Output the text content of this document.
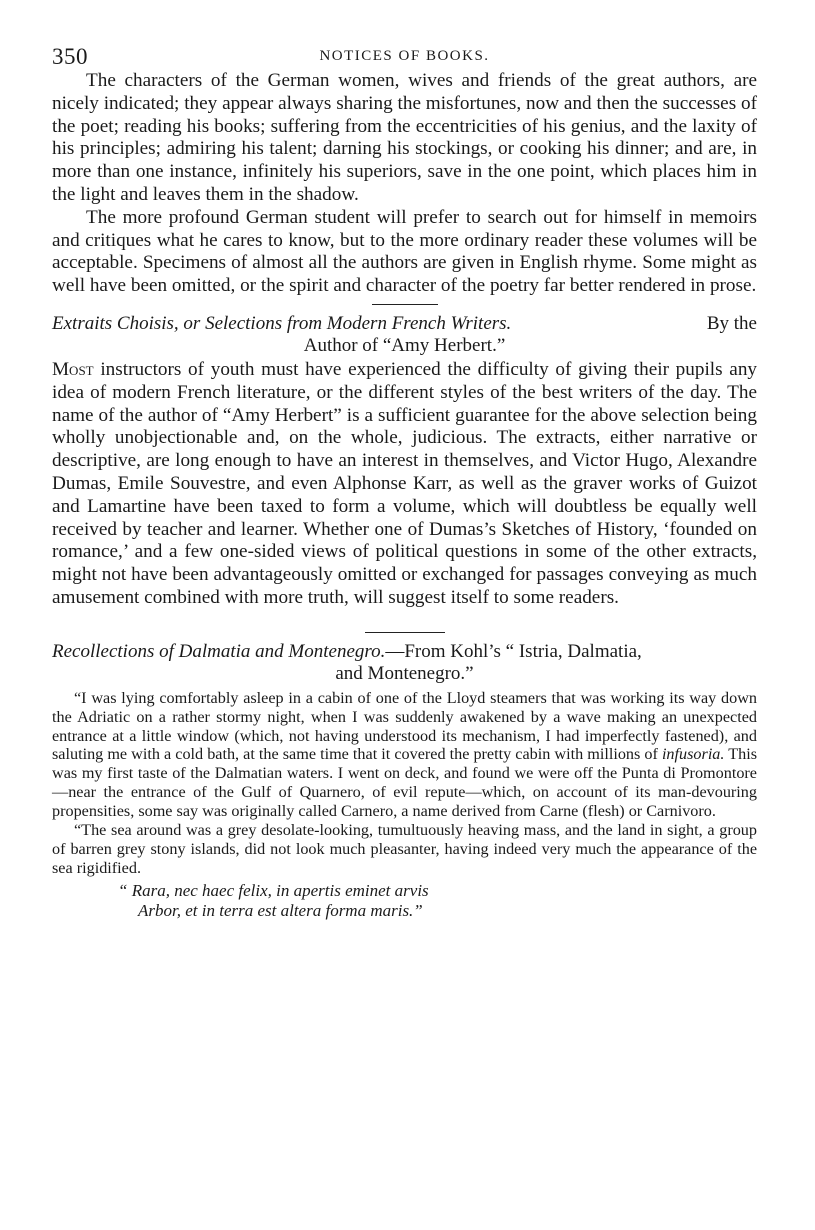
350	NOTICES OF BOOKS.

The characters of the German women, wives and friends of the great authors, are nicely indicated; they appear always sharing the misfortunes, now and then the successes of the poet; reading his books; suffering from the eccentricities of his genius, and the laxity of his principles; admiring his talent; darning his stockings, or cooking his dinner; and are, in more than one instance, infinitely his superiors, save in the one point, which places him in the light and leaves them in the shadow.

The more profound German student will prefer to search out for himself in memoirs and critiques what he cares to know, but to the more ordinary reader these volumes will be acceptable. Specimens of almost all the authors are given in English rhyme. Some might as well have been omitted, or the spirit and character of the poetry far better rendered in prose.

Extraits Choisis, or Selections from Modern French Writers.	By the
Author of “Amy Herbert.”

Most instructors of youth must have experienced the difficulty of giving their pupils any idea of modern French literature, or the different styles of the best writers of the day. The name of the author of “Amy Herbert” is a sufficient guarantee for the above selection being wholly unobjectionable and, on the whole, judicious. The extracts, either narrative or descriptive, are long enough to have an interest in themselves, and Victor Hugo, Alexandre Dumas, Emile Souvestre, and even Alphonse Karr, as well as the graver works of Guizot and Lamartine have been taxed to form a volume, which will doubtless be equally well received by teacher and learner. Whether one of Dumas’s Sketches of History, ‘founded on romance,’ and a few one-sided views of political questions in some of the other extracts, might not have been advantageously omitted or exchanged for passages conveying as much amusement combined with more truth, will suggest itself to some readers.

Recollections of Dalmatia and Montenegro.—From Kohl’s “ Istria, Dalmatia,
and Montenegro.”

“I was lying comfortably asleep in a cabin of one of the Lloyd steamers that was working its way down the Adriatic on a rather stormy night, when I was suddenly awakened by a wave making an unexpected entrance at a little window (which, not having understood its mechanism, I had imperfectly fastened), and saluting me with a cold bath, at the same time that it covered the pretty cabin with millions of infusoria. This was my first taste of the Dalmatian waters. I went on deck, and found we were off the Punta di Promontore—near the entrance of the Gulf of Quarnero, of evil repute—which, on account of its man-devouring propensities, some say was originally called Carnero, a name derived from Carne (flesh) or Carnivoro.

“The sea around was a grey desolate-looking, tumultuously heaving mass, and the land in sight, a group of barren grey stony islands, did not look much pleasanter, having indeed very much the appearance of the sea rigidified.

“ Rara, nec haec felix, in apertis eminet arvis
Arbor, et in terra est altera forma maris.”
